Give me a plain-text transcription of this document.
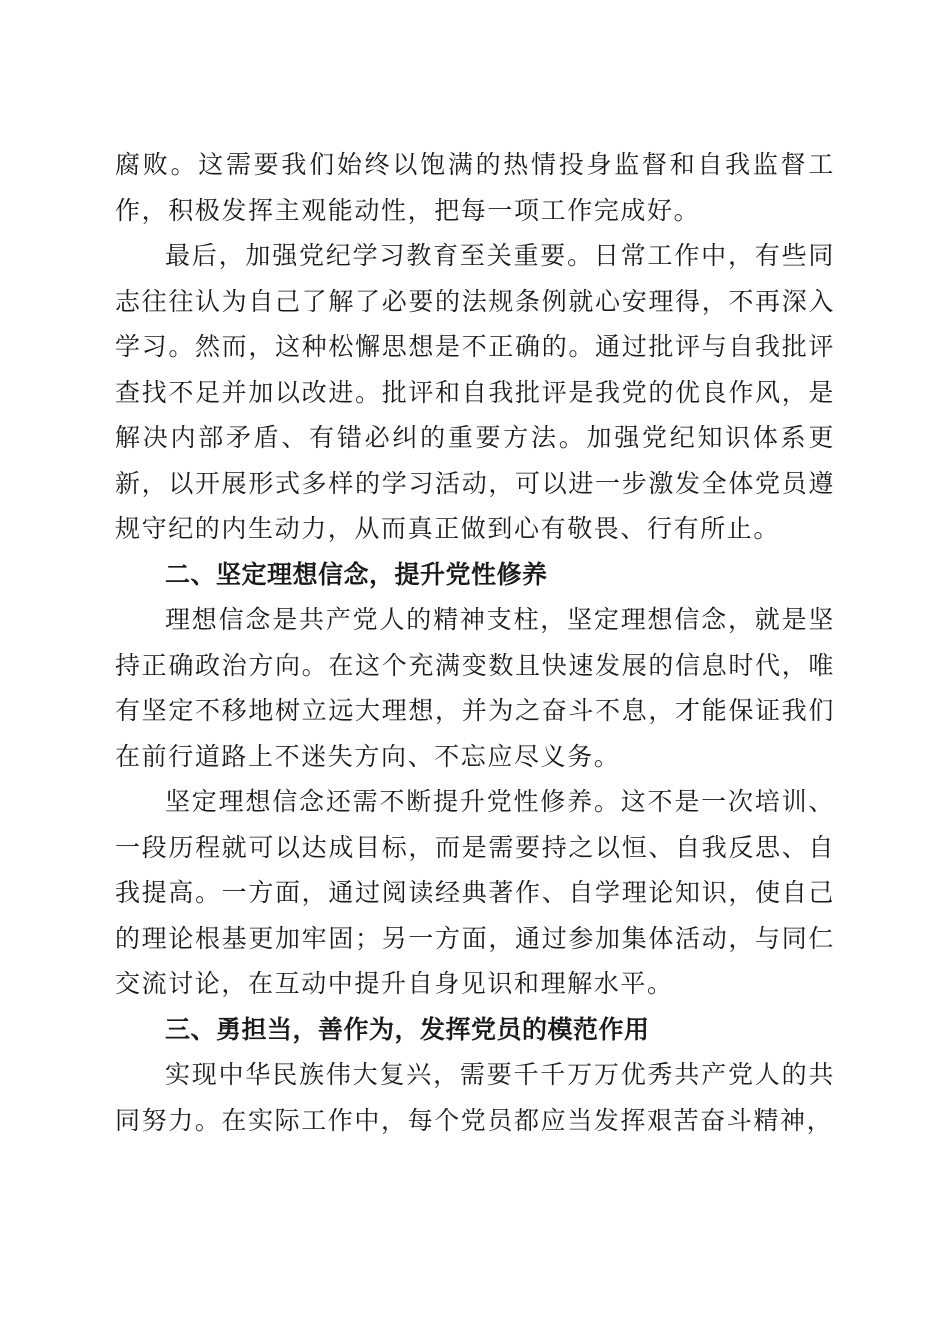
腐败。这需要我们始终以饱满的热情投身监督和自我监督工作，积极发挥主观能动性，把每一项工作完成好。

最后，加强党纪学习教育至关重要。日常工作中，有些同志往往认为自己了解了必要的法规条例就心安理得，不再深入学习。然而，这种松懈思想是不正确的。通过批评与自我批评查找不足并加以改进。批评和自我批评是我党的优良作风，是解决内部矛盾、有错必纠的重要方法。加强党纪知识体系更新，以开展形式多样的学习活动，可以进一步激发全体党员遵规守纪的内生动力，从而真正做到心有敬畏、行有所止。

二、坚定理想信念，提升党性修养

理想信念是共产党人的精神支柱，坚定理想信念，就是坚持正确政治方向。在这个充满变数且快速发展的信息时代，唯有坚定不移地树立远大理想，并为之奋斗不息，才能保证我们在前行道路上不迷失方向、不忘应尽义务。

坚定理想信念还需不断提升党性修养。这不是一次培训、一段历程就可以达成目标，而是需要持之以恒、自我反思、自我提高。一方面，通过阅读经典著作、自学理论知识，使自己的理论根基更加牢固；另一方面，通过参加集体活动，与同仁交流讨论，在互动中提升自身见识和理解水平。

三、勇担当，善作为，发挥党员的模范作用

实现中华民族伟大复兴，需要千千万万优秀共产党人的共同努力。在实际工作中，每个党员都应当发挥艰苦奋斗精神，
